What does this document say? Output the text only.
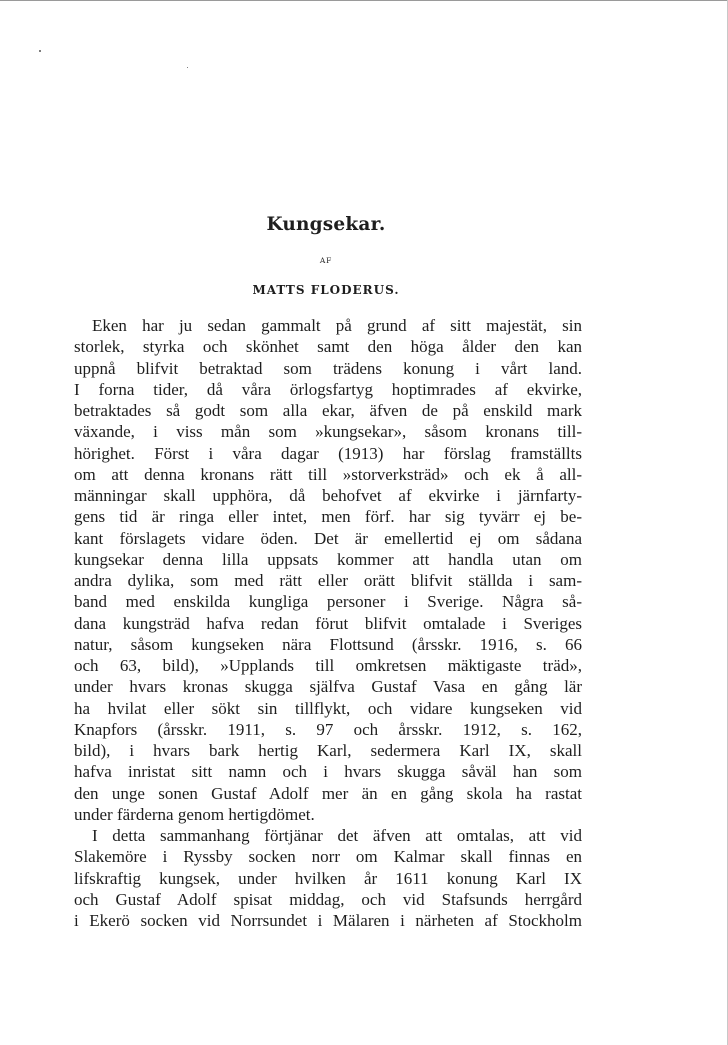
Kungsekar.
AF
MATTS FLODERUS.
Eken har ju sedan gammalt på grund af sitt majestät, sin
storlek, styrka och skönhet samt den höga ålder den kan
uppnå blifvit betraktad som trädens konung i vårt land.
I forna tider, då våra örlogsfartyg hoptimrades af ekvirke,
betraktades så godt som alla ekar, äfven de på enskild mark
växande, i viss mån som »kungsekar», såsom kronans till-
hörighet. Först i våra dagar (1913) har förslag framställts
om att denna kronans rätt till »storverksträd» och ek å all-
männingar skall upphöra, då behofvet af ekvirke i järnfarty-
gens tid är ringa eller intet, men förf. har sig tyvärr ej be-
kant förslagets vidare öden. Det är emellertid ej om sådana
kungsekar denna lilla uppsats kommer att handla utan om
andra dylika, som med rätt eller orätt blifvit ställda i sam-
band med enskilda kungliga personer i Sverige. Några så-
dana kungsträd hafva redan förut blifvit omtalade i Sveriges
natur, såsom kungseken nära Flottsund (årsskr. 1916, s. 66
och 63, bild), »Upplands till omkretsen mäktigaste träd»,
under hvars kronas skugga själfva Gustaf Vasa en gång lär
ha hvilat eller sökt sin tillflykt, och vidare kungseken vid
Knapfors (årsskr. 1911, s. 97 och årsskr. 1912, s. 162,
bild), i hvars bark hertig Karl, sedermera Karl IX, skall
hafva inristat sitt namn och i hvars skugga såväl han som
den unge sonen Gustaf Adolf mer än en gång skola ha rastat
under färderna genom hertigdömet.
I detta sammanhang förtjänar det äfven att omtalas, att vid
Slakemöre i Ryssby socken norr om Kalmar skall finnas en
lifskraftig kungsek, under hvilken år 1611 konung Karl IX
och Gustaf Adolf spisat middag, och vid Stafsunds herrgård
i Ekerö socken vid Norrsundet i Mälaren i närheten af Stockholm
